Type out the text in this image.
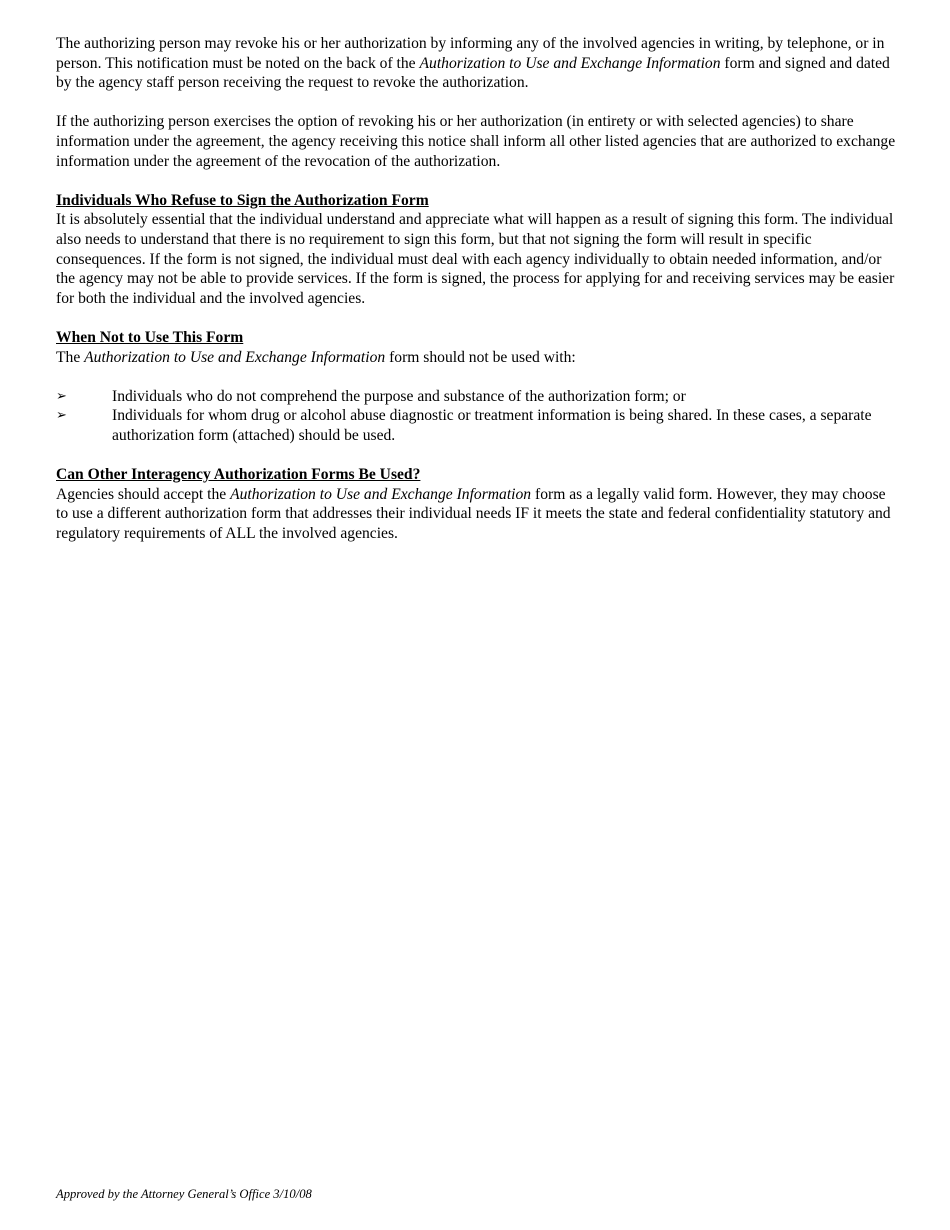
The authorizing person may revoke his or her authorization by informing any of the involved agencies in writing, by telephone, or in person. This notification must be noted on the back of the Authorization to Use and Exchange Information form and signed and dated by the agency staff person receiving the request to revoke the authorization.

If the authorizing person exercises the option of revoking his or her authorization (in entirety or with selected agencies) to share information under the agreement, the agency receiving this notice shall inform all other listed agencies that are authorized to exchange information under the agreement of the revocation of the authorization.

Individuals Who Refuse to Sign the Authorization Form

It is absolutely essential that the individual understand and appreciate what will happen as a result of signing this form. The individual also needs to understand that there is no requirement to sign this form, but that not signing the form will result in specific consequences. If the form is not signed, the individual must deal with each agency individually to obtain needed information, and/or the agency may not be able to provide services. If the form is signed, the process for applying for and receiving services may be easier for both the individual and the involved agencies.

When Not to Use This Form

The Authorization to Use and Exchange Information form should not be used with:

➢	Individuals who do not comprehend the purpose and substance of the authorization form; or
➢	Individuals for whom drug or alcohol abuse diagnostic or treatment information is being shared. In these cases, a separate authorization form (attached) should be used.

Can Other Interagency Authorization Forms Be Used?

Agencies should accept the Authorization to Use and Exchange Information form as a legally valid form. However, they may choose to use a different authorization form that addresses their individual needs IF it meets the state and federal confidentiality statutory and regulatory requirements of ALL the involved agencies.

Approved by the Attorney General’s Office 3/10/08
